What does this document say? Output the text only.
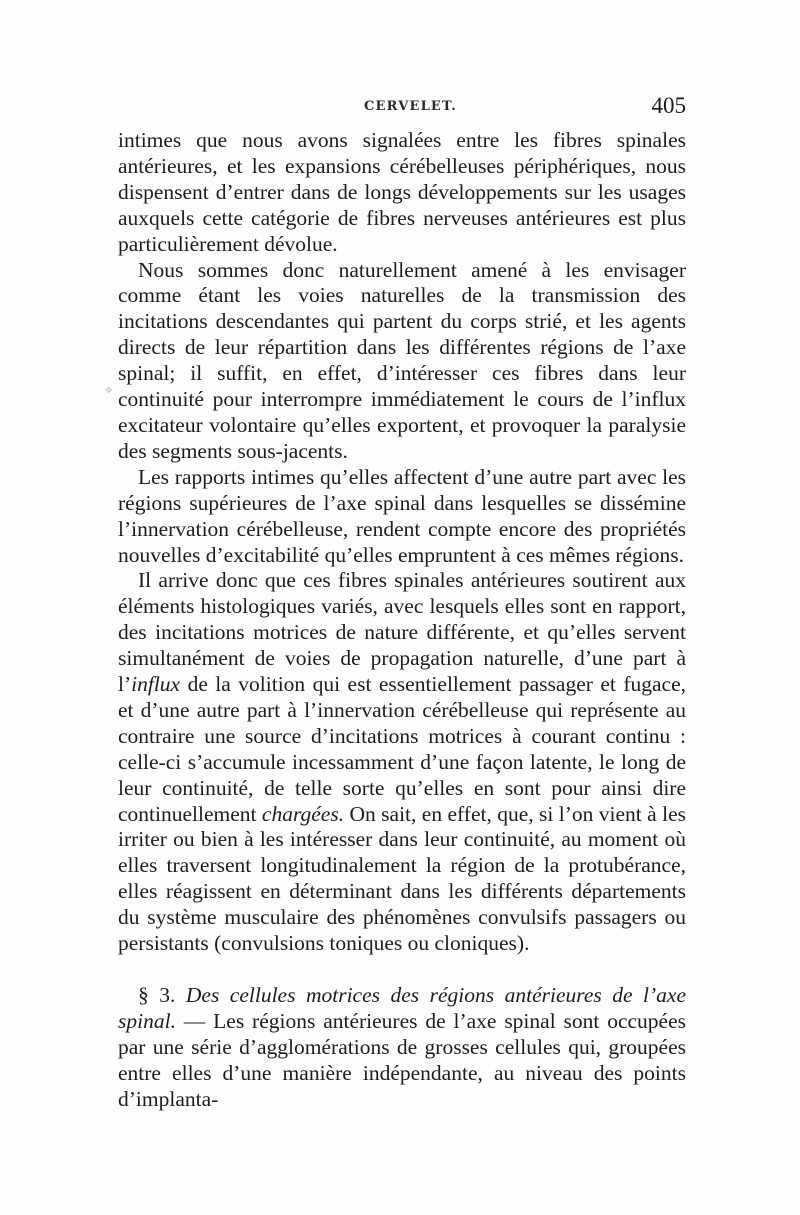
CERVELET.	405
✧

intimes que nous avons signalées entre les fibres spinales antérieures, et les expansions cérébelleuses périphériques, nous dispensent d’entrer dans de longs développements sur les usages auxquels cette catégorie de fibres nerveuses antérieures est plus particulièrement dévolue.

Nous sommes donc naturellement amené à les envisager comme étant les voies naturelles de la transmission des incitations descendantes qui partent du corps strié, et les agents directs de leur répartition dans les différentes régions de l’axe spinal; il suffit, en effet, d’intéresser ces fibres dans leur continuité pour interrompre immédiatement le cours de l’influx excitateur volontaire qu’elles exportent, et provoquer la paralysie des segments sous-jacents.

Les rapports intimes qu’elles affectent d’une autre part avec les régions supérieures de l’axe spinal dans lesquelles se dissémine l’innervation cérébelleuse, rendent compte encore des propriétés nouvelles d’excitabilité qu’elles empruntent à ces mêmes régions.

Il arrive donc que ces fibres spinales antérieures soutirent aux éléments histologiques variés, avec lesquels elles sont en rapport, des incitations motrices de nature différente, et qu’elles servent simultanément de voies de propagation naturelle, d’une part à l’influx de la volition qui est essentiellement passager et fugace, et d’une autre part à l’innervation cérébelleuse qui représente au contraire une source d’incitations motrices à courant continu : celle-ci s’accumule incessamment d’une façon latente, le long de leur continuité, de telle sorte qu’elles en sont pour ainsi dire continuellement chargées. On sait, en effet, que, si l’on vient à les irriter ou bien à les intéresser dans leur continuité, au moment où elles traversent longitudinalement la région de la protubérance, elles réagissent en déterminant dans les différents départements du système musculaire des phénomènes convulsifs passagers ou persistants (convulsions toniques ou cloniques).

§ 3. Des cellules motrices des régions antérieures de l’axe spinal. — Les régions antérieures de l’axe spinal sont occupées par une série d’agglomérations de grosses cellules qui, groupées entre elles d’une manière indépendante, au niveau des points d’implanta-
